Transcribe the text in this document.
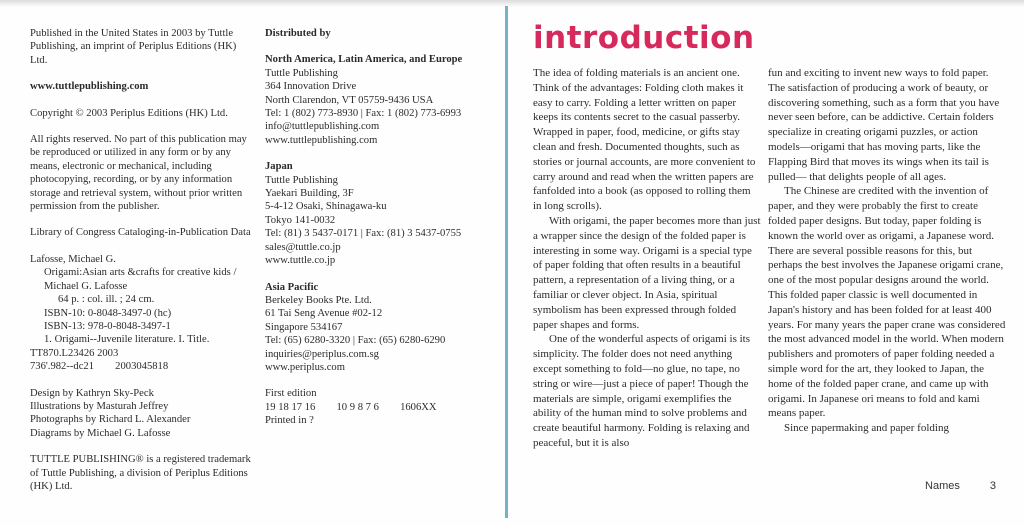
Published in the United States in 2003 by Tuttle Publishing, an imprint of Periplus Editions (HK) Ltd.

www.tuttlepublishing.com

Copyright © 2003 Periplus Editions (HK) Ltd.

All rights reserved. No part of this publication may be reproduced or utilized in any form or by any means, electronic or mechanical, including photocopying, recording, or by any information storage and retrieval system, without prior written permission from the publisher.

Library of Congress Cataloging-in-Publication Data

Lafosse, Michael G.

Origami:Asian arts &crafts for creative kids /

Michael G. Lafosse

64 p. : col. ill. ; 24 cm.

ISBN-10: 0-8048-3497-0 (hc)

ISBN-13: 978-0-8048-3497-1

1. Origami--Juvenile literature. I. Title.

TT870.L23426 2003

736'.982--dc21        2003045818

Design by Kathryn Sky-Peck

Illustrations by Masturah Jeffrey

Photographs by Richard L. Alexander

Diagrams by Michael G. Lafosse

TUTTLE PUBLISHING® is a registered trademark of Tuttle Publishing, a division of Periplus Editions (HK) Ltd.

Distributed by

North America, Latin America, and Europe

Tuttle Publishing

364 Innovation Drive

North Clarendon, VT 05759-9436 USA

Tel: 1 (802) 773-8930 | Fax: 1 (802) 773-6993

info@tuttlepublishing.com

www.tuttlepublishing.com

Japan

Tuttle Publishing

Yaekari Building, 3F

5-4-12 Osaki, Shinagawa-ku

Tokyo 141-0032

Tel: (81) 3 5437-0171 | Fax: (81) 3 5437-0755

sales@tuttle.co.jp

www.tuttle.co.jp

Asia Pacific

Berkeley Books Pte. Ltd.

61 Tai Seng Avenue #02-12

Singapore 534167

Tel: (65) 6280-3320 | Fax: (65) 6280-6290

inquiries@periplus.com.sg

www.periplus.com

First edition

19 18 17 16        10 9 8 7 6        1606XX

Printed in ?

introduction

The idea of folding materials is an ancient one. Think of the advantages: Folding cloth makes it easy to carry. Folding a letter written on paper keeps its contents secret to the casual passerby. Wrapped in paper, food, medicine, or gifts stay clean and fresh. Documented thoughts, such as stories or journal accounts, are more convenient to carry around and read when the written papers are fanfolded into a book (as opposed to rolling them in long scrolls).

With origami, the paper becomes more than just a wrapper since the design of the folded paper is interesting in some way. Origami is a special type of paper folding that often results in a beautiful pattern, a representation of a living thing, or a familiar or clever object. In Asia, spiritual symbolism has been expressed through folded paper shapes and forms.

One of the wonderful aspects of origami is its simplicity. The folder does not need anything except something to fold—no glue, no tape, no string or wire—just a piece of paper! Though the materials are simple, origami exemplifies the ability of the human mind to solve problems and create beautiful harmony. Folding is relaxing and peaceful, but it is also

fun and exciting to invent new ways to fold paper. The satisfaction of producing a work of beauty, or discovering something, such as a form that you have never seen before, can be addictive. Certain folders specialize in creating origami puzzles, or action models—origami that has moving parts, like the Flapping Bird that moves its wings when its tail is pulled— that delights people of all ages.

The Chinese are credited with the invention of paper, and they were probably the first to create folded paper designs. But today, paper folding is known the world over as origami, a Japanese word. There are several possible reasons for this, but perhaps the best involves the Japanese origami crane, one of the most popular designs around the world. This folded paper classic is well documented in Japan's history and has been folded for at least 400 years. For many years the paper crane was considered the most advanced model in the world. When modern publishers and promoters of paper folding needed a simple word for the art, they looked to Japan, the home of the folded paper crane, and came up with origami. In Japanese ori means to fold and kami means paper.

Since papermaking and paper folding

Names	3
